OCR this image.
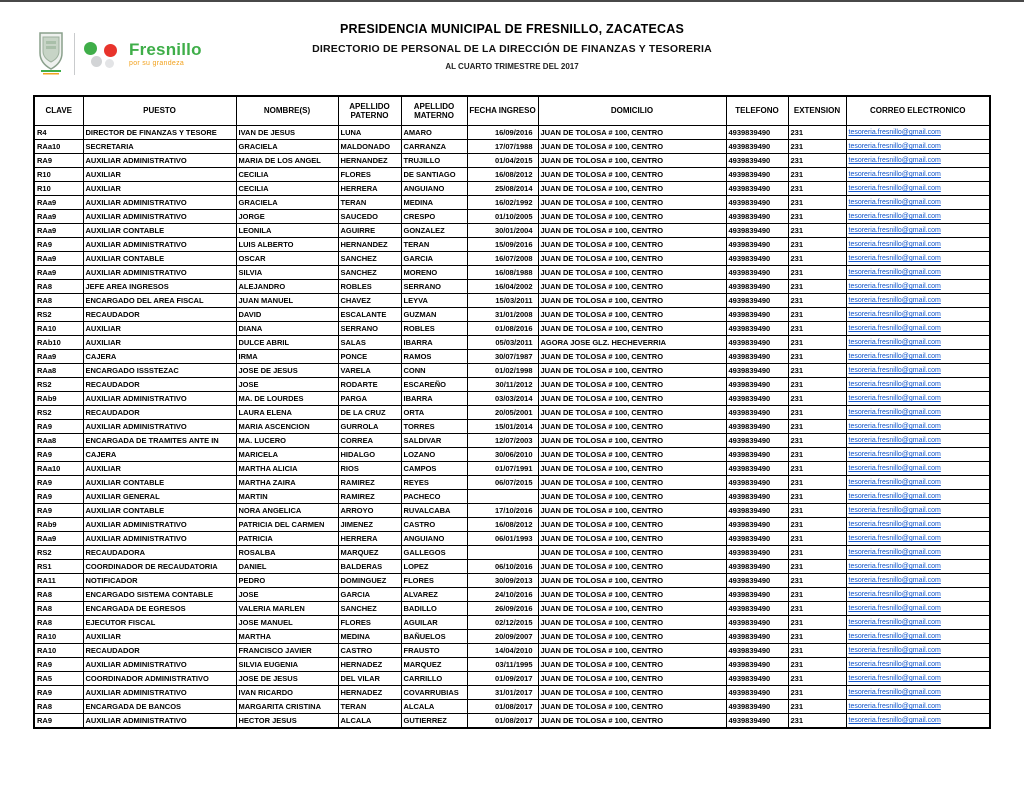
Fresnillo
por su grandeza
PRESIDENCIA MUNICIPAL DE FRESNILLO, ZACATECAS
DIRECTORIO DE PERSONAL DE LA DIRECCIÓN DE FINANZAS Y TESORERIA
AL CUARTO TRIMESTRE DEL 2017
CLAVE	PUESTO	NOMBRE(S)	APELLIDO PATERNO	APELLIDO MATERNO	FECHA INGRESO	DOMICILIO	TELEFONO	EXTENSION	CORREO ELECTRONICO
R4	DIRECTOR DE FINANZAS Y TESORE	IVAN DE JESUS	LUNA	AMARO	16/09/2016	JUAN DE TOLOSA # 100, CENTRO	4939839490	231	tesoreria.fresnillo@gmail.com
RAa10	SECRETARIA	GRACIELA	MALDONADO	CARRANZA	17/07/1988	JUAN DE TOLOSA # 100, CENTRO	4939839490	231	tesoreria.fresnillo@gmail.com
RA9	AUXILIAR ADMINISTRATIVO	MARIA DE LOS ANGEL	HERNANDEZ	TRUJILLO	01/04/2015	JUAN DE TOLOSA # 100, CENTRO	4939839490	231	tesoreria.fresnillo@gmail.com
R10	AUXILIAR	CECILIA	FLORES	DE SANTIAGO	16/08/2012	JUAN DE TOLOSA # 100, CENTRO	4939839490	231	tesoreria.fresnillo@gmail.com
R10	AUXILIAR	CECILIA	HERRERA	ANGUIANO	25/08/2014	JUAN DE TOLOSA # 100, CENTRO	4939839490	231	tesoreria.fresnillo@gmail.com
RAa9	AUXILIAR ADMINISTRATIVO	GRACIELA	TERAN	MEDINA	16/02/1992	JUAN DE TOLOSA # 100, CENTRO	4939839490	231	tesoreria.fresnillo@gmail.com
RAa9	AUXILIAR ADMINISTRATIVO	JORGE	SAUCEDO	CRESPO	01/10/2005	JUAN DE TOLOSA # 100, CENTRO	4939839490	231	tesoreria.fresnillo@gmail.com
RAa9	AUXILIAR CONTABLE	LEONILA	AGUIRRE	GONZALEZ	30/01/2004	JUAN DE TOLOSA # 100, CENTRO	4939839490	231	tesoreria.fresnillo@gmail.com
RA9	AUXILIAR ADMINISTRATIVO	LUIS ALBERTO	HERNANDEZ	TERAN	15/09/2016	JUAN DE TOLOSA # 100, CENTRO	4939839490	231	tesoreria.fresnillo@gmail.com
RAa9	AUXILIAR CONTABLE	OSCAR	SANCHEZ	GARCIA	16/07/2008	JUAN DE TOLOSA # 100, CENTRO	4939839490	231	tesoreria.fresnillo@gmail.com
RAa9	AUXILIAR ADMINISTRATIVO	SILVIA	SANCHEZ	MORENO	16/08/1988	JUAN DE TOLOSA # 100, CENTRO	4939839490	231	tesoreria.fresnillo@gmail.com
RA8	JEFE AREA INGRESOS	ALEJANDRO	ROBLES	SERRANO	16/04/2002	JUAN DE TOLOSA # 100, CENTRO	4939839490	231	tesoreria.fresnillo@gmail.com
RA8	ENCARGADO DEL AREA FISCAL	JUAN MANUEL	CHAVEZ	LEYVA	15/03/2011	JUAN DE TOLOSA # 100, CENTRO	4939839490	231	tesoreria.fresnillo@gmail.com
RS2	RECAUDADOR	DAVID	ESCALANTE	GUZMAN	31/01/2008	JUAN DE TOLOSA # 100, CENTRO	4939839490	231	tesoreria.fresnillo@gmail.com
RA10	AUXILIAR	DIANA	SERRANO	ROBLES	01/08/2016	JUAN DE TOLOSA # 100, CENTRO	4939839490	231	tesoreria.fresnillo@gmail.com
RAb10	AUXILIAR	DULCE ABRIL	SALAS	IBARRA	05/03/2011	AGORA JOSE GLZ. HECHEVERRIA	4939839490	231	tesoreria.fresnillo@gmail.com
RAa9	CAJERA	IRMA	PONCE	RAMOS	30/07/1987	JUAN DE TOLOSA # 100, CENTRO	4939839490	231	tesoreria.fresnillo@gmail.com
RAa8	ENCARGADO ISSSTEZAC	JOSE DE JESUS	VARELA	CONN	01/02/1998	JUAN DE TOLOSA # 100, CENTRO	4939839490	231	tesoreria.fresnillo@gmail.com
RS2	RECAUDADOR	JOSE	RODARTE	ESCAREÑO	30/11/2012	JUAN DE TOLOSA # 100, CENTRO	4939839490	231	tesoreria.fresnillo@gmail.com
RAb9	AUXILIAR ADMINISTRATIVO	MA. DE LOURDES	PARGA	IBARRA	03/03/2014	JUAN DE TOLOSA # 100, CENTRO	4939839490	231	tesoreria.fresnillo@gmail.com
RS2	RECAUDADOR	LAURA ELENA	DE LA CRUZ	ORTA	20/05/2001	JUAN DE TOLOSA # 100, CENTRO	4939839490	231	tesoreria.fresnillo@gmail.com
RA9	AUXILIAR ADMINISTRATIVO	MARIA ASCENCION	GURROLA	TORRES	15/01/2014	JUAN DE TOLOSA # 100, CENTRO	4939839490	231	tesoreria.fresnillo@gmail.com
RAa8	ENCARGADA DE TRAMITES ANTE IN	MA. LUCERO	CORREA	SALDIVAR	12/07/2003	JUAN DE TOLOSA # 100, CENTRO	4939839490	231	tesoreria.fresnillo@gmail.com
RA9	CAJERA	MARICELA	HIDALGO	LOZANO	30/06/2010	JUAN DE TOLOSA # 100, CENTRO	4939839490	231	tesoreria.fresnillo@gmail.com
RAa10	AUXILIAR	MARTHA ALICIA	RIOS	CAMPOS	01/07/1991	JUAN DE TOLOSA # 100, CENTRO	4939839490	231	tesoreria.fresnillo@gmail.com
RA9	AUXILIAR CONTABLE	MARTHA ZAIRA	RAMIREZ	REYES	06/07/2015	JUAN DE TOLOSA # 100, CENTRO	4939839490	231	tesoreria.fresnillo@gmail.com
RA9	AUXILIAR GENERAL	MARTIN	RAMIREZ	PACHECO		JUAN DE TOLOSA # 100, CENTRO	4939839490	231	tesoreria.fresnillo@gmail.com
RA9	AUXILIAR CONTABLE	NORA ANGELICA	ARROYO	RUVALCABA	17/10/2016	JUAN DE TOLOSA # 100, CENTRO	4939839490	231	tesoreria.fresnillo@gmail.com
RAb9	AUXILIAR ADMINISTRATIVO	PATRICIA DEL CARMEN	JIMENEZ	CASTRO	16/08/2012	JUAN DE TOLOSA # 100, CENTRO	4939839490	231	tesoreria.fresnillo@gmail.com
RAa9	AUXILIAR ADMINISTRATIVO	PATRICIA	HERRERA	ANGUIANO	06/01/1993	JUAN DE TOLOSA # 100, CENTRO	4939839490	231	tesoreria.fresnillo@gmail.com
RS2	RECAUDADORA	ROSALBA	MARQUEZ	GALLEGOS		JUAN DE TOLOSA # 100, CENTRO	4939839490	231	tesoreria.fresnillo@gmail.com
RS1	COORDINADOR DE RECAUDATORIA	DANIEL	BALDERAS	LOPEZ	06/10/2016	JUAN DE TOLOSA # 100, CENTRO	4939839490	231	tesoreria.fresnillo@gmail.com
RA11	NOTIFICADOR	PEDRO	DOMINGUEZ	FLORES	30/09/2013	JUAN DE TOLOSA # 100, CENTRO	4939839490	231	tesoreria.fresnillo@gmail.com
RA8	ENCARGADO SISTEMA CONTABLE	JOSE	GARCIA	ALVAREZ	24/10/2016	JUAN DE TOLOSA # 100, CENTRO	4939839490	231	tesoreria.fresnillo@gmail.com
RA8	ENCARGADA DE EGRESOS	VALERIA MARLEN	SANCHEZ	BADILLO	26/09/2016	JUAN DE TOLOSA # 100, CENTRO	4939839490	231	tesoreria.fresnillo@gmail.com
RA8	EJECUTOR FISCAL	JOSE MANUEL	FLORES	AGUILAR	02/12/2015	JUAN DE TOLOSA # 100, CENTRO	4939839490	231	tesoreria.fresnillo@gmail.com
RA10	AUXILIAR	MARTHA	MEDINA	BAÑUELOS	20/09/2007	JUAN DE TOLOSA # 100, CENTRO	4939839490	231	tesoreria.fresnillo@gmail.com
RA10	RECAUDADOR	FRANCISCO JAVIER	CASTRO	FRAUSTO	14/04/2010	JUAN DE TOLOSA # 100, CENTRO	4939839490	231	tesoreria.fresnillo@gmail.com
RA9	AUXILIAR ADMINISTRATIVO	SILVIA EUGENIA	HERNADEZ	MARQUEZ	03/11/1995	JUAN DE TOLOSA # 100, CENTRO	4939839490	231	tesoreria.fresnillo@gmail.com
RA5	COORDINADOR ADMINISTRATIVO	JOSE DE JESUS	DEL VILAR	CARRILLO	01/09/2017	JUAN DE TOLOSA # 100, CENTRO	4939839490	231	tesoreria.fresnillo@gmail.com
RA9	AUXILIAR ADMINISTRATIVO	IVAN RICARDO	HERNADEZ	COVARRUBIAS	31/01/2017	JUAN DE TOLOSA # 100, CENTRO	4939839490	231	tesoreria.fresnillo@gmail.com
RA8	ENCARGADA DE BANCOS	MARGARITA CRISTINA	TERAN	ALCALA	01/08/2017	JUAN DE TOLOSA # 100, CENTRO	4939839490	231	tesoreria.fresnillo@gmail.com
RA9	AUXILIAR ADMINISTRATIVO	HECTOR JESUS	ALCALA	GUTIERREZ	01/08/2017	JUAN DE TOLOSA # 100, CENTRO	4939839490	231	tesoreria.fresnillo@gmail.com
